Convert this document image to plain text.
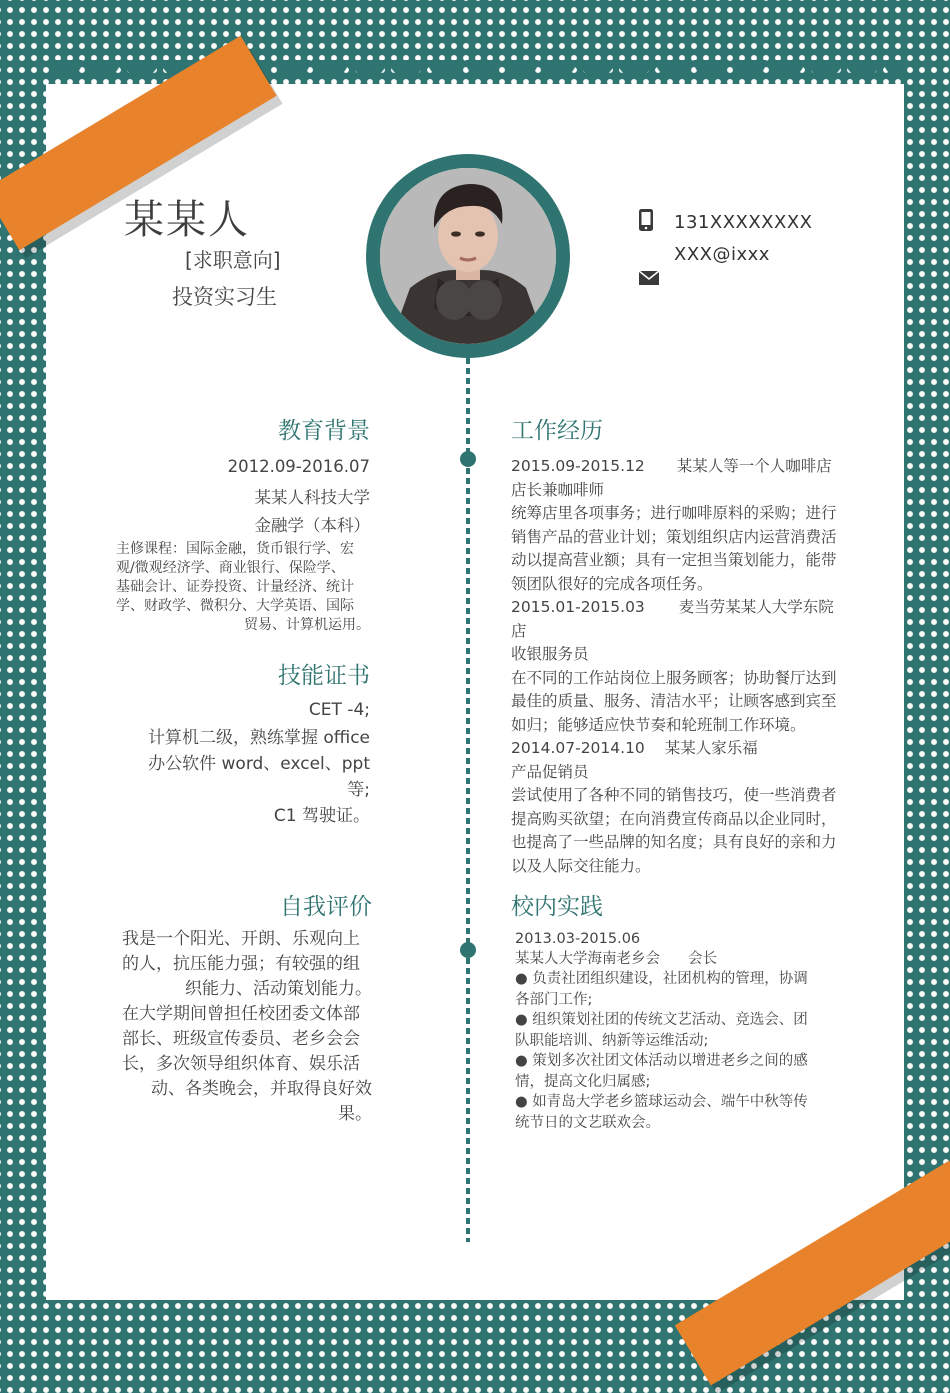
某某人
[求职意向]
投资实习生
131XXXXXXXX
XXX@ixxx
教育背景
2012.09-2016.07
某某人科技大学
金融学（本科）
主修课程：国际金融，货币银行学、宏
观/微观经济学、商业银行、保险学、
基础会计、证券投资、计量经济、统计
学、财政学、微积分、大学英语、国际
贸易、计算机运用。
技能证书
CET -4;
计算机二级，熟练掌握 office
办公软件 word、excel、ppt
等;
C1 驾驶证。
自我评价
我是一个阳光、开朗、乐观向上
的人，抗压能力强；有较强的组
织能力、活动策划能力。
在大学期间曾担任校团委文体部
部长、班级宣传委员、老乡会会
长，多次领导组织体育、娱乐活
动、各类晚会，并取得良好效
果。
工作经历
2015.09-2015.12 某某人等一个人咖啡店
店长兼咖啡师
统筹店里各项事务；进行咖啡原料的采购；进行
销售产品的营业计划；策划组织店内运营消费活
动以提高营业额；具有一定担当策划能力，能带
领团队很好的完成各项任务。
2015.01-2015.03 麦当劳某某人大学东院店
收银服务员
在不同的工作站岗位上服务顾客；协助餐厅达到
最佳的质量、服务、清洁水平；让顾客感到宾至
如归；能够适应快节奏和轮班制工作环境。
2014.07-2014.10 某某人家乐福
产品促销员
尝试使用了各种不同的销售技巧，使一些消费者
提高购买欲望；在向消费宣传商品以企业同时，
也提高了一些品牌的知名度；具有良好的亲和力
以及人际交往能力。
校内实践
2013.03-2015.06
某某人大学海南老乡会 会长
● 负责社团组织建设，社团机构的管理，协调
各部门工作;
● 组织策划社团的传统文艺活动、竞选会、团
队职能培训、纳新等运维活动;
● 策划多次社团文体活动以增进老乡之间的感
情，提高文化归属感;
● 如青岛大学老乡篮球运动会、端午中秋等传
统节日的文艺联欢会。
